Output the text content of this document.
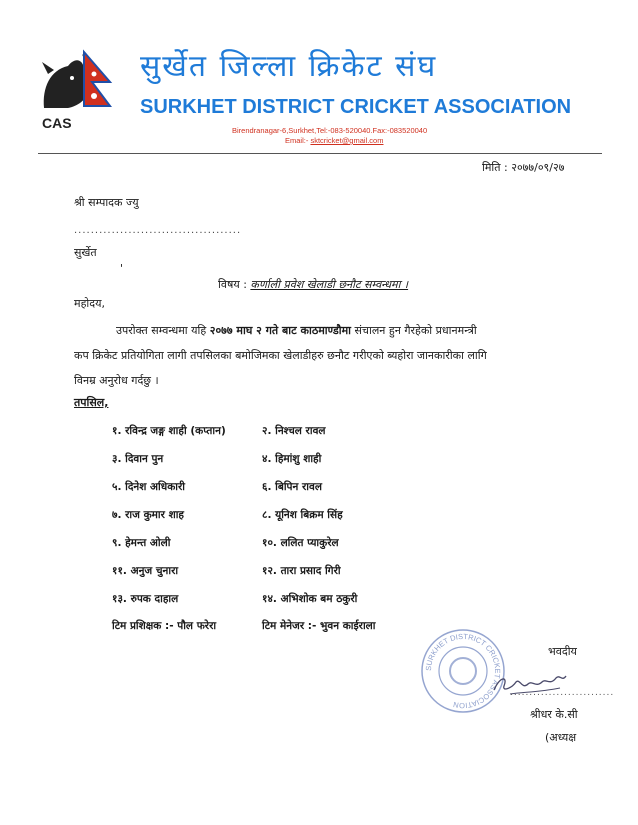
CAS
सुर्खेत जिल्ला क्रिकेट संघ
SURKHET DISTRICT CRICKET ASSOCIATION
Birendranagar-6,Surkhet,Tel:-083-520040.Fax:-083520040
Email:- sktcricket@gmail.com
मिति : २०७७/०९/२७
श्री सम्पादक ज्यु
........................................
सुर्खेत
'
विषय : कर्णाली प्रवेश खेलाडी छनौट सम्वन्धमा ।
महोदय,
उपरोक्त सम्वन्धमा यहि २०७७ माघ २ गते बाट काठमाण्डौमा संचालन हुन गैरहेको प्रधानमन्त्री
कप क्रिकेट प्रतियोगिता लागी तपसिलका बमोजिमका खेलाडीहरु छनौट गरीएको ब्यहोरा जानकारीका लागि
विनम्र अनुरोध गर्दछु ।
तपसिल,
१. रविन्द्र जङ्ग शाही (कप्तान)	२. निश्चल रावल
३. दिवान पुन	४. हिमांशु शाही
५. दिनेश अधिकारी	६. बिपिन रावल
७. राज कुमार शाह	८. यूनिश बिक्रम सिंह
९. हेमन्त ओली	१०. ललित प्याकुरेल
११. अनुज चुनारा	१२. तारा प्रसाद गिरी
१३. रुपक दाहाल	१४. अभिशोक बम ठकुरी
टिम प्रशिक्षक :- पौल फरेरा	टिम मेनेजर :- भुवन काईराला
SURKHET DISTRICT CRICKET ASSOCIATION
भवदीय
...........................
श्रीधर के.सी
(अध्यक्ष
